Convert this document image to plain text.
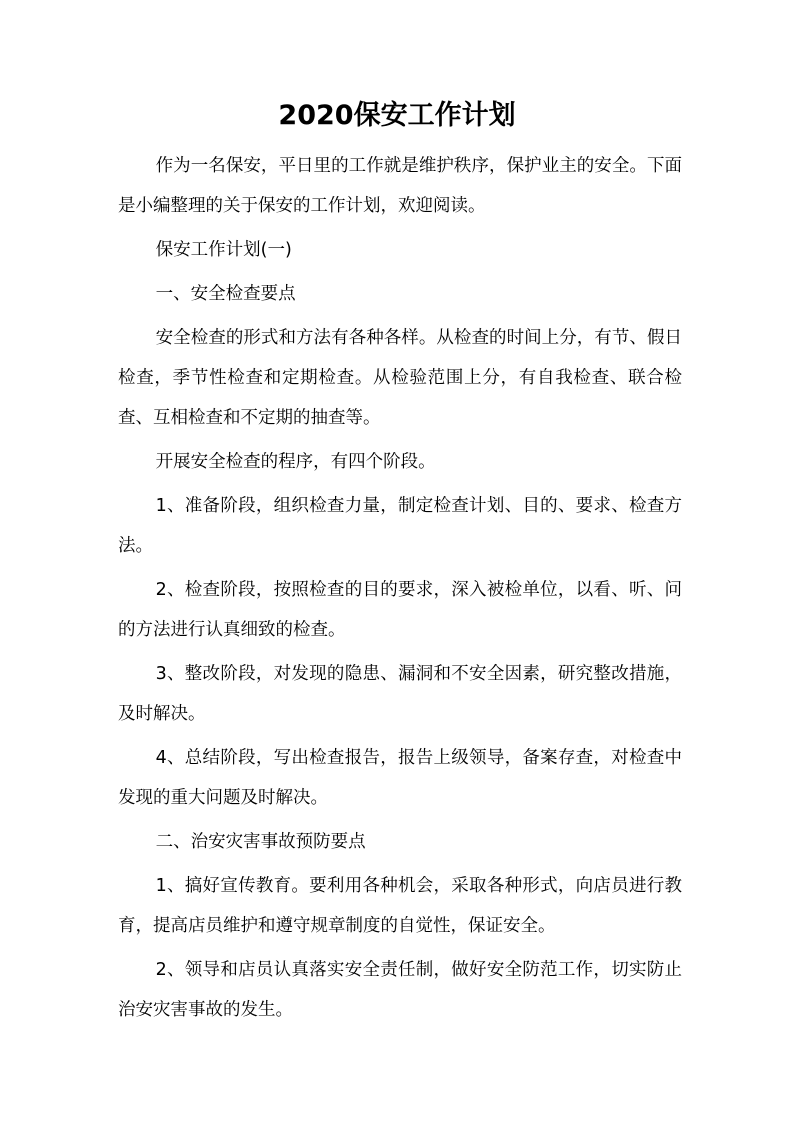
2020保安工作计划

作为一名保安，平日里的工作就是维护秩序，保护业主的安全。下面是小编整理的关于保安的工作计划，欢迎阅读。

保安工作计划(一)

一、安全检查要点

安全检查的形式和方法有各种各样。从检查的时间上分，有节、假日检查，季节性检查和定期检查。从检验范围上分，有自我检查、联合检查、互相检查和不定期的抽查等。

开展安全检查的程序，有四个阶段。

1、准备阶段，组织检查力量，制定检查计划、目的、要求、检查方法。

2、检查阶段，按照检查的目的要求，深入被检单位，以看、听、问的方法进行认真细致的检查。

3、整改阶段，对发现的隐患、漏洞和不安全因素，研究整改措施，及时解决。

4、总结阶段，写出检查报告，报告上级领导，备案存查，对检查中发现的重大问题及时解决。

二、治安灾害事故预防要点

1、搞好宣传教育。要利用各种机会，采取各种形式，向店员进行教育，提高店员维护和遵守规章制度的自觉性，保证安全。

2、领导和店员认真落实安全责任制，做好安全防范工作，切实防止治安灾害事故的发生。
